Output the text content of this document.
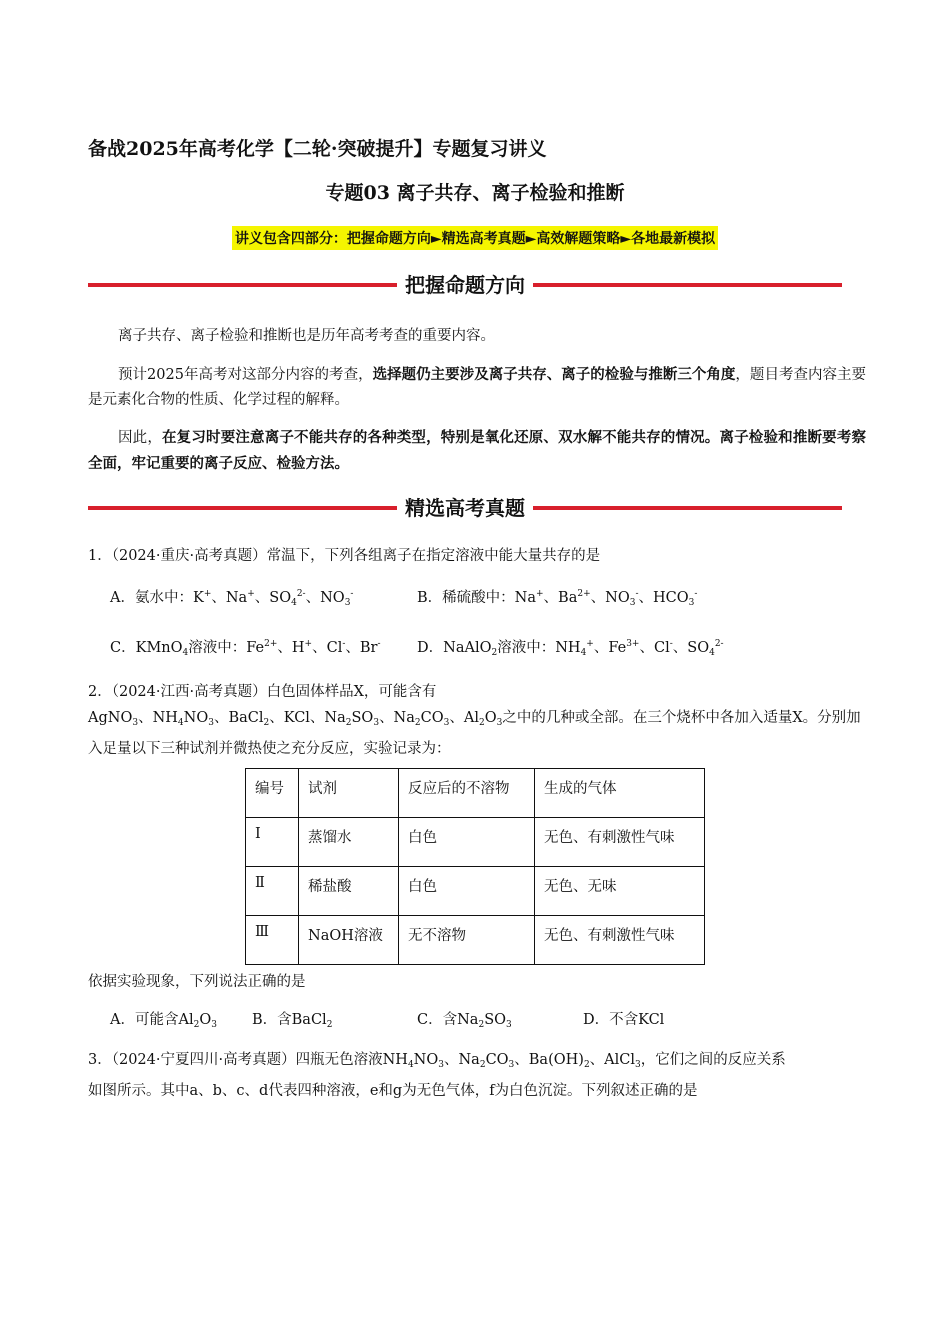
备战2025年高考化学【二轮·突破提升】专题复习讲义
专题03 离子共存、离子检验和推断
讲义包含四部分：把握命题方向►精选高考真题►高效解题策略►各地最新模拟
把握命题方向
离子共存、离子检验和推断也是历年高考考查的重要内容。
预计2025年高考对这部分内容的考查，选择题仍主要涉及离子共存、离子的检验与推断三个角度，题目考查内容主要是元素化合物的性质、化学过程的解释。
因此，在复习时要注意离子不能共存的各种类型，特别是氧化还原、双水解不能共存的情况。离子检验和推断要考察全面，牢记重要的离子反应、检验方法。
精选高考真题
1．（2024·重庆·高考真题）常温下，下列各组离子在指定溶液中能大量共存的是
A．氨水中：K+、Na+、$SO_4^{2-}$、$NO_3^-$	B．稀硫酸中：Na+、$Ba^{2+}$、$NO_3^-$、$HCO_3^-$
C．KMnO$_4$溶液中：$Fe^{2+}$、H+、Cl-、Br-	D．NaAlO$_2$溶液中：$NH_4^+$、$Fe^{3+}$、Cl-、$SO_4^{2-}$
2．（2024·江西·高考真题）白色固体样品X，可能含有
AgNO$_3$、$NH_4NO_3$、BaCl$_2$、KCl、$Na_2SO_3$、$Na_2CO_3$、$Al_2O_3$之中的几种或全部。在三个烧杯中各加入适量X。分别加入足量以下三种试剂并微热使之充分反应，实验记录为：
编号	试剂	反应后的不溶物	生成的气体
Ⅰ	蒸馏水	白色	无色、有刺激性气味
Ⅱ	稀盐酸	白色	无色、无味
Ⅲ	NaOH溶液	无不溶物	无色、有刺激性气味
依据实验现象，下列说法正确的是
A．可能含$Al_2O_3$ B．含BaCl$_2$	C．含$Na_2SO_3$	D．不含KCl
3．（2024·宁夏四川·高考真题）四瓶无色溶液$NH_4NO_3$、$Na_2CO_3$、$Ba(OH)_2$、AlCl$_3$，它们之间的反应关系
如图所示。其中a、b、c、d代表四种溶液，e和g为无色气体，f为白色沉淀。下列叙述正确的是
